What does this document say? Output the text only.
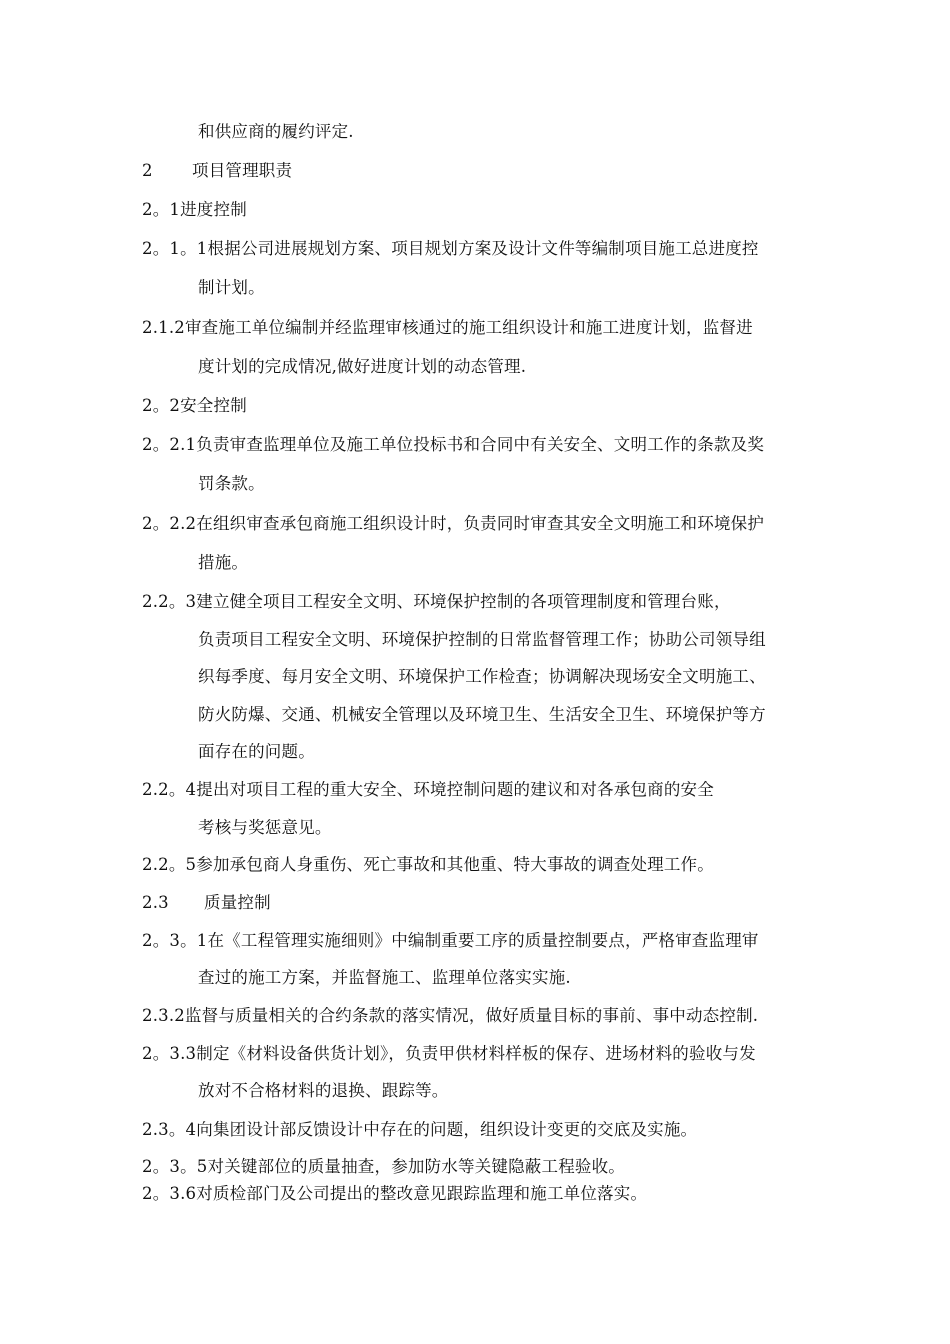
和供应商的履约评定.
2 项目管理职责
2。1进度控制
2。1。1根据公司进展规划方案、项目规划方案及设计文件等编制项目施工总进度控
制计划。
2.1.2审查施工单位编制并经监理审核通过的施工组织设计和施工进度计划，监督进
度计划的完成情况,做好进度计划的动态管理.
2。2安全控制
2。2.1负责审查监理单位及施工单位投标书和合同中有关安全、文明工作的条款及奖
罚条款。
2。2.2在组织审查承包商施工组织设计时，负责同时审查其安全文明施工和环境保护
措施。
2.2。3建立健全项目工程安全文明、环境保护控制的各项管理制度和管理台账，
负责项目工程安全文明、环境保护控制的日常监督管理工作；协助公司领导组
织每季度、每月安全文明、环境保护工作检查；协调解决现场安全文明施工、
防火防爆、交通、机械安全管理以及环境卫生、生活安全卫生、环境保护等方
面存在的问题。
2.2。4提出对项目工程的重大安全、环境控制问题的建议和对各承包商的安全
考核与奖惩意见。
2.2。5参加承包商人身重伤、死亡事故和其他重、特大事故的调查处理工作。
2.3 质量控制
2。3。1在《工程管理实施细则》中编制重要工序的质量控制要点，严格审查监理审
查过的施工方案，并监督施工、监理单位落实实施.
2.3.2监督与质量相关的合约条款的落实情况，做好质量目标的事前、事中动态控制.
2。3.3制定《材料设备供货计划》，负责甲供材料样板的保存、进场材料的验收与发
放对不合格材料的退换、跟踪等。
2.3。4向集团设计部反馈设计中存在的问题，组织设计变更的交底及实施。
2。3。5对关键部位的质量抽查，参加防水等关键隐蔽工程验收。
2。3.6对质检部门及公司提出的整改意见跟踪监理和施工单位落实。
